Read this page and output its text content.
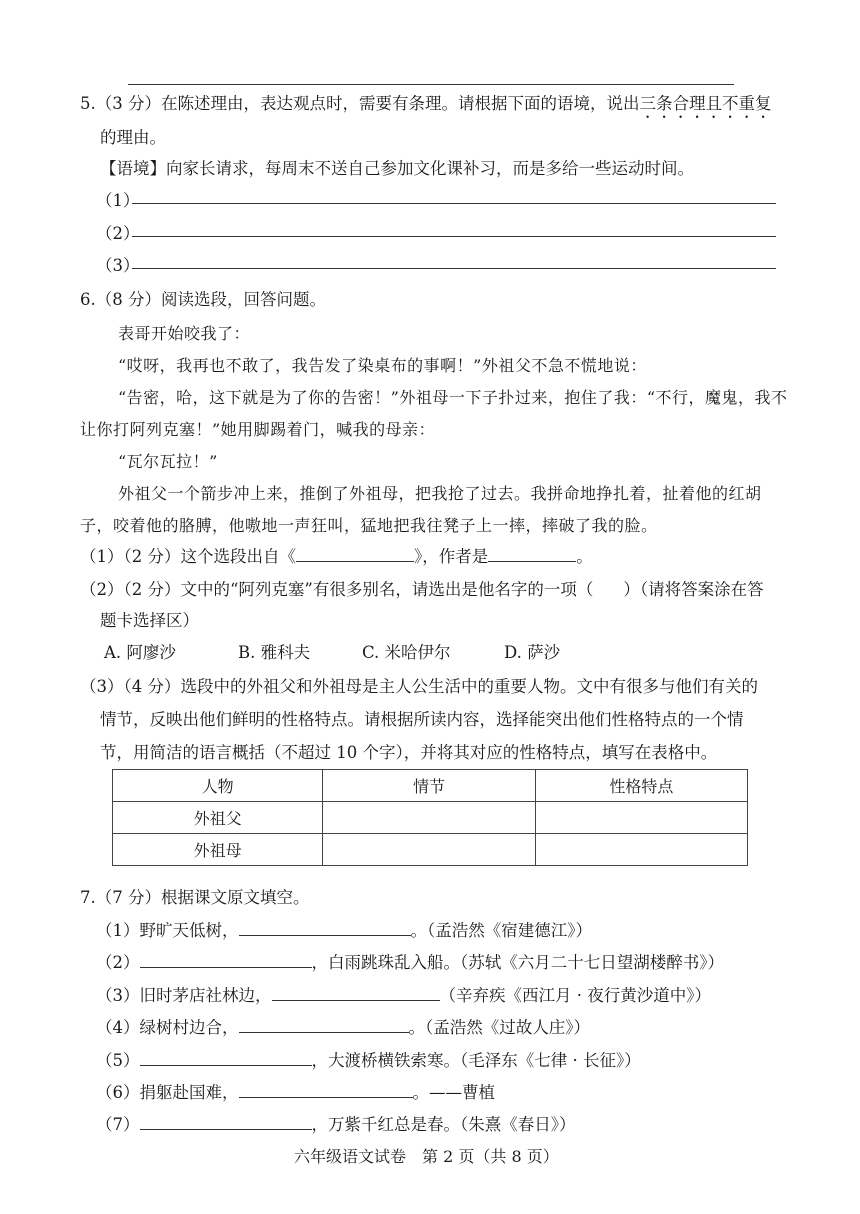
5.（3 分）在陈述理由，表达观点时，需要有条理。请根据下面的语境，说出三条合理且不重复
的理由。
【语境】向家长请求，每周末不送自己参加文化课补习，而是多给一些运动时间。
（1）
（2）
（3）
6.（8 分）阅读选段，回答问题。
表哥开始咬我了：
“哎呀，我再也不敢了，我告发了染桌布的事啊！”外祖父不急不慌地说：
“告密，哈，这下就是为了你的告密！”外祖母一下子扑过来，抱住了我：“不行，魔鬼，我不
让你打阿列克塞！”她用脚踢着门，喊我的母亲：
“瓦尔瓦拉！”
外祖父一个箭步冲上来，推倒了外祖母，把我抢了过去。我拼命地挣扎着，扯着他的红胡
子，咬着他的胳膊，他嗷地一声狂叫，猛地把我往凳子上一摔，摔破了我的脸。
（1）（2 分）这个选段出自《	》，作者是	。
（2）（2 分）文中的“阿列克塞”有很多别名，请选出是他名字的一项（ ）（请将答案涂在答
题卡选择区）
A. 阿廖沙	B. 雅科夫	C. 米哈伊尔	D. 萨沙
（3）（4 分）选段中的外祖父和外祖母是主人公生活中的重要人物。文中有很多与他们有关的
情节，反映出他们鲜明的性格特点。请根据所读内容，选择能突出他们性格特点的一个情
节，用简洁的语言概括（不超过 10 个字），并将其对应的性格特点，填写在表格中。
人物	情节	性格特点
外祖父		
外祖母		
7.（7 分）根据课文原文填空。
（1）野旷天低树，	。（孟浩然《宿建德江》）
（2）	，白雨跳珠乱入船。（苏轼《六月二十七日望湖楼醉书》）
（3）旧时茅店社林边，	（辛弃疾《西江月 · 夜行黄沙道中》）
（4）绿树村边合，	。（孟浩然《过故人庄》）
（5）	，大渡桥横铁索寒。（毛泽东《七律 · 长征》）
（6）捐躯赴国难，	。——曹植
（7）	，万紫千红总是春。（朱熹《春日》）
六年级语文试卷　第 2 页（共 8 页）
